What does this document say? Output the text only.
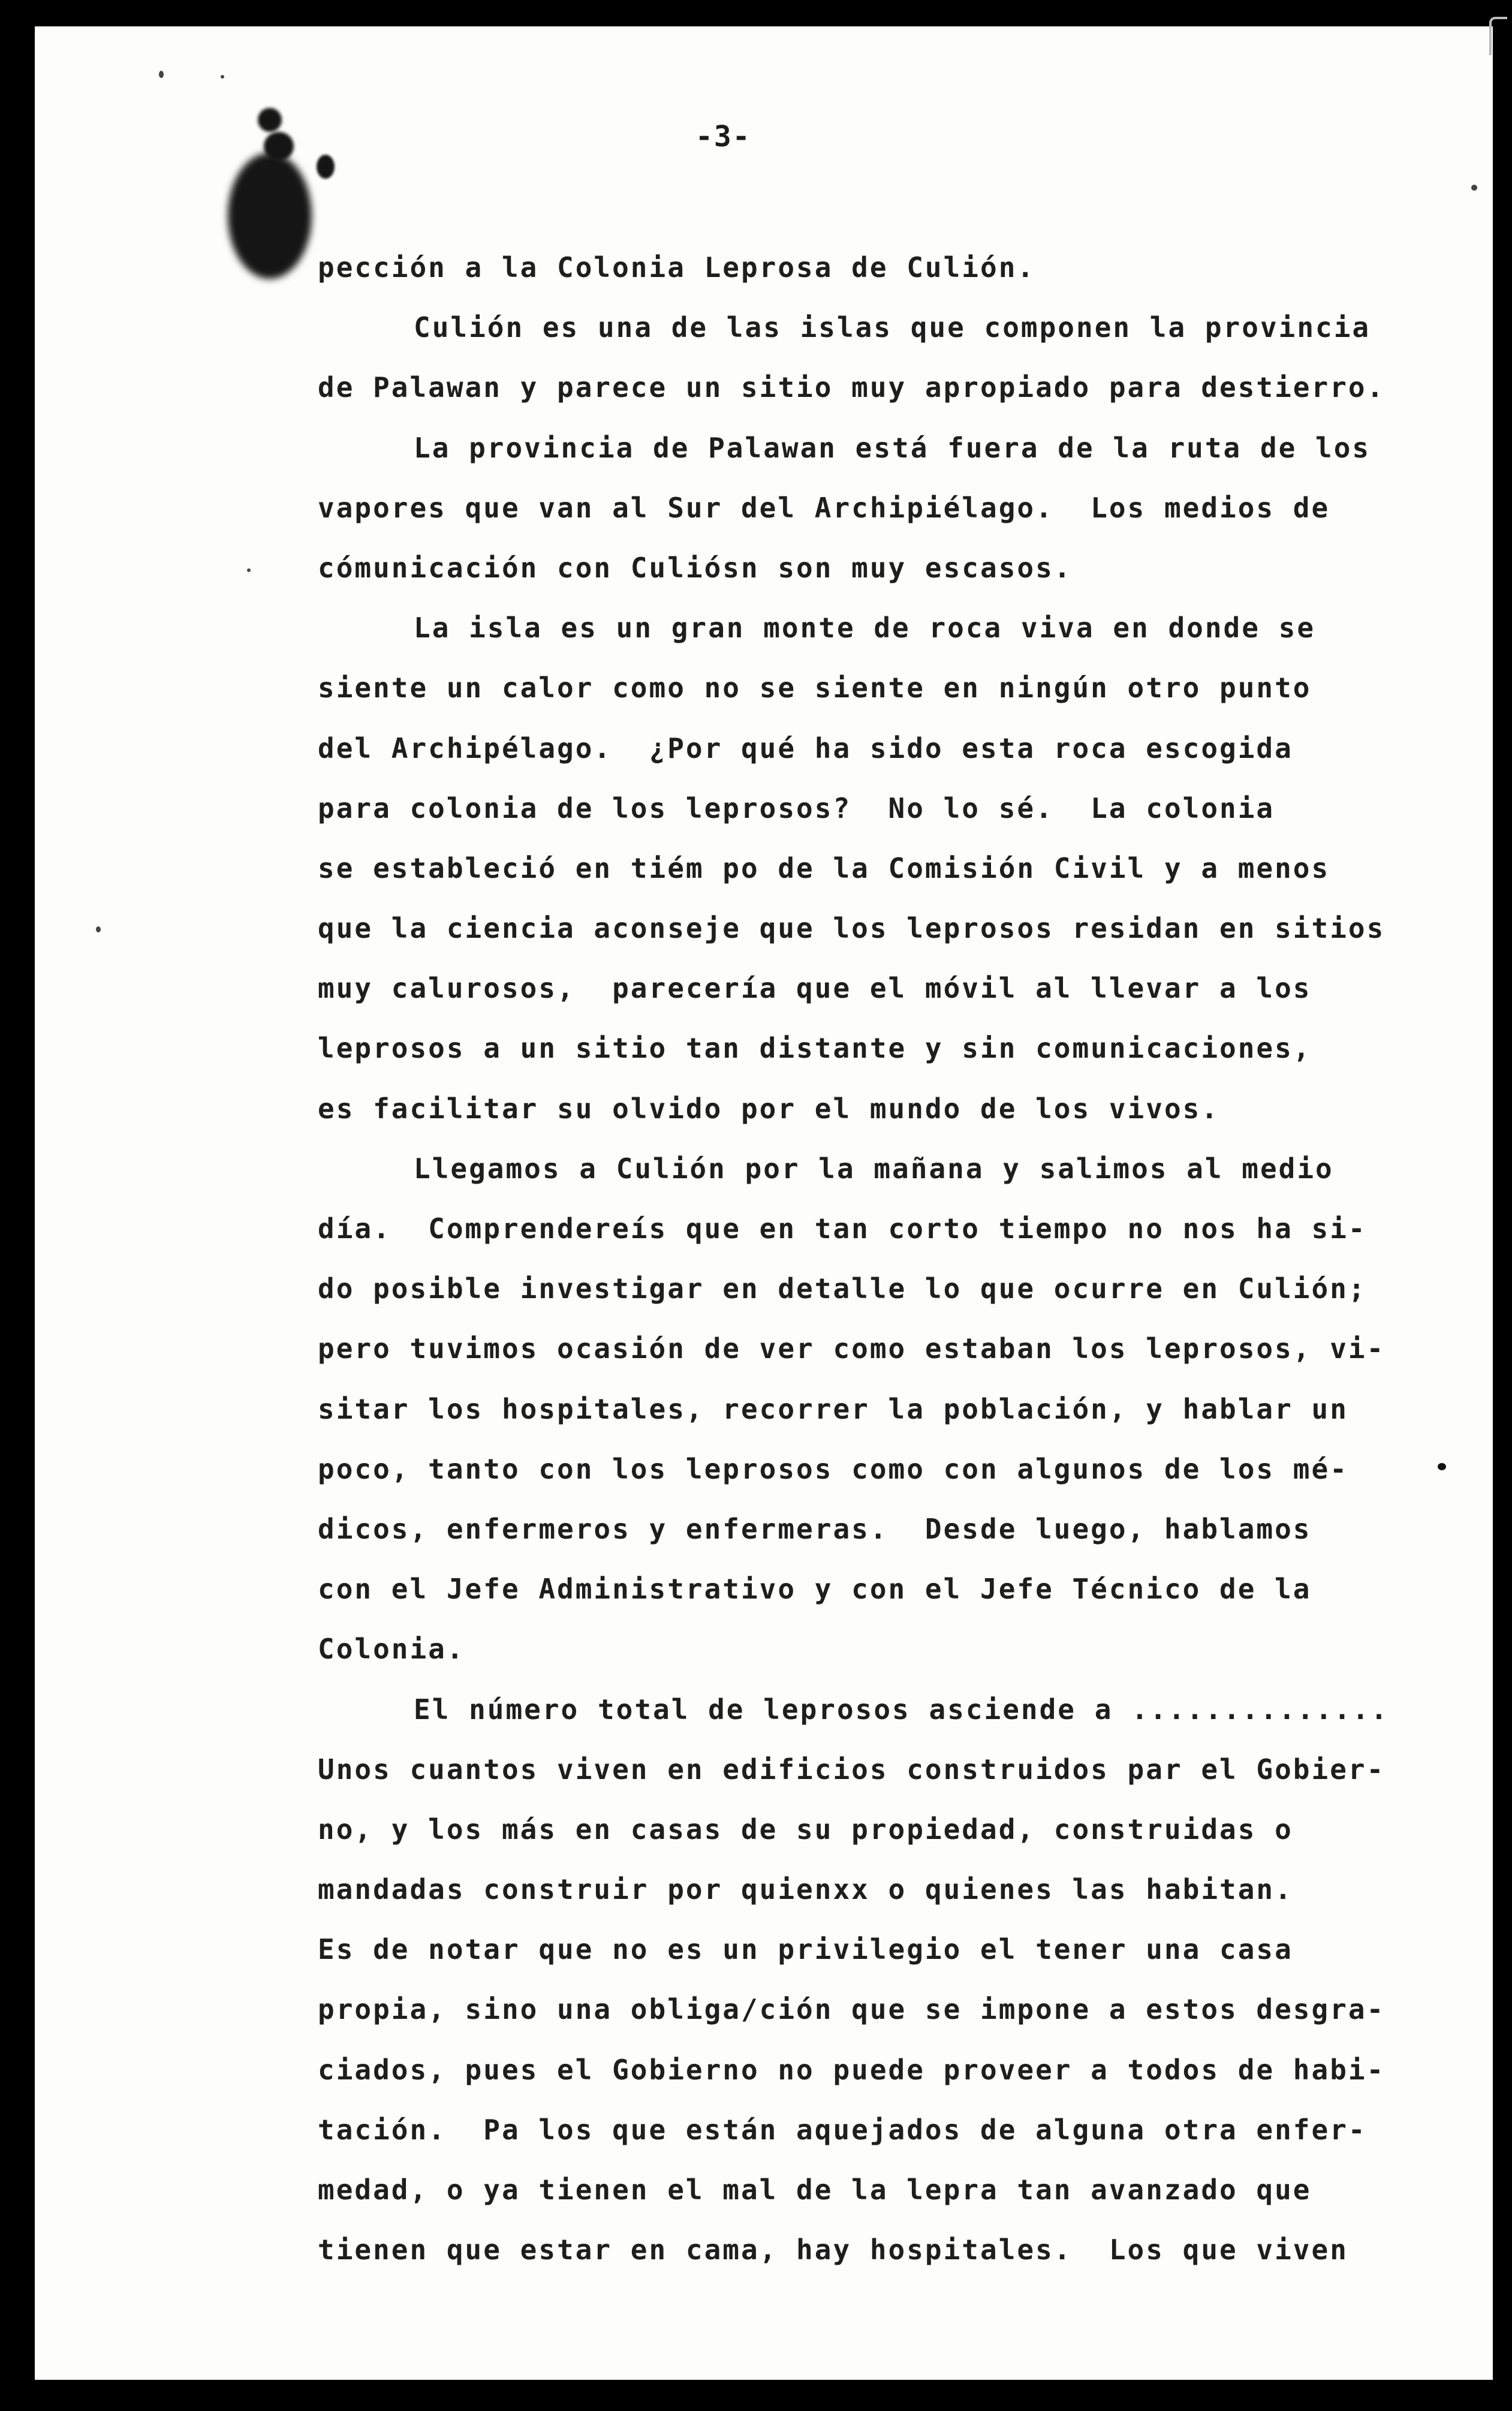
-3-
pección a la Colonia Leprosa de Culión.
Culión es una de las islas que componen la provincia
de Palawan y parece un sitio muy apropiado para destierro.
La provincia de Palawan está fuera de la ruta de los
vapores que van al Sur del Archipiélago.  Los medios de
cómunicación con Culiósn son muy escasos.
La isla es un gran monte de roca viva en donde se
siente un calor como no se siente en ningún otro punto
del Archipélago.  ¿Por qué ha sido esta roca escogida
para colonia de los leprosos?  No lo sé.  La colonia
se estableció en tiém po de la Comisión Civil y a menos
que la ciencia aconseje que los leprosos residan en sitios
muy calurosos,  parecería que el móvil al llevar a los
leprosos a un sitio tan distante y sin comunicaciones,
es facilitar su olvido por el mundo de los vivos.
Llegamos a Culión por la mañana y salimos al medio
día.  Comprendereís que en tan corto tiempo no nos ha si-
do posible investigar en detalle lo que ocurre en Culión;
pero tuvimos ocasión de ver como estaban los leprosos, vi-
sitar los hospitales, recorrer la población, y hablar un
poco, tanto con los leprosos como con algunos de los mé-
dicos, enfermeros y enfermeras.  Desde luego, hablamos
con el Jefe Administrativo y con el Jefe Técnico de la
Colonia.
El número total de leprosos asciende a ..............
Unos cuantos viven en edificios construidos par el Gobier-
no, y los más en casas de su propiedad, construidas o
mandadas construir por quienxx o quienes las habitan.
Es de notar que no es un privilegio el tener una casa
propia, sino una obliga/ción que se impone a estos desgra-
ciados, pues el Gobierno no puede proveer a todos de habi-
tación.  Pa los que están aquejados de alguna otra enfer-
medad, o ya tienen el mal de la lepra tan avanzado que
tienen que estar en cama, hay hospitales.  Los que viven
